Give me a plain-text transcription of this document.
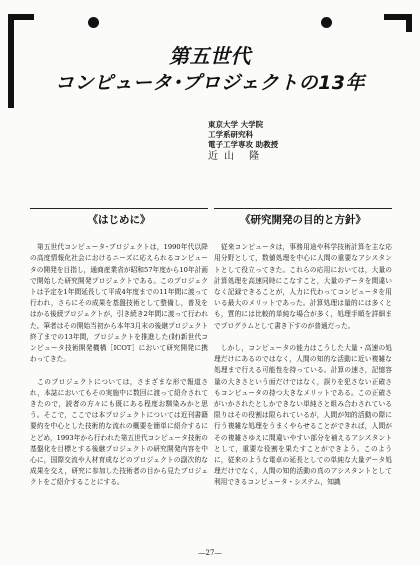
第五世代
コンピュータ･プロジェクトの13年
東京大学 大学院
工学系研究科
電子工学専攻 助教授
近山 隆
《はじめに》

　第五世代コンピュータ･プロジェクトは，1990年代以降の高度情報化社会におけるニーズに応えられるコンピュータの開発を目指し，通商産業省が昭和57年度から10年計画で開始した研究開発プロジェクトである。このプロジェクトは予定を1年間延長して平成4年度までの11年間に渡って行われ，さらにその成果を基盤技術として整備し，普及をはかる後続プロジェクトが，引き続き2年間に渡って行われた。筆者はその開始当初から本年3月末の後継プロジェクト終了までの13年間，プロジェクトを推進した(財)新世代コンピュータ技術開発機構［ICOT］において研究開発に携わってきた。

　このプロジェクトについては，さまざまな形で報道され，本誌においてもその実施中に数回に渡って紹介されてきたので，読者の方々にも既にある程度お馴染みかと思う。そこで，ここでは本プロジェクトについては近刊書籍要約を中心とした技術的な流れの概要を簡単に紹介するにとどめ，1993年から行われた第五世代コンピュータ技術の基盤化を目標とする後継プロジェクトの研究開発内容を中心に，国際交流や人材育成などのプロジェクトの副次的な成果を交え，研究に参加した技術者の目から見たプロジェクトをご紹介することにする。

《研究開発の目的と方針》

　従来コンピュータは，事務用途や科学技術計算を主な応用分野として，数値処理を中心に人間の重要なアシスタントとして役立ってきた。これらの応用においては，大量の計算処理を高速同時にこなすこと，大量のデータを間違いなく記録できることが，人力に代わってコンピュータを用いる最大のメリットであった。計算処理は量的には多くとも，質的には比較的単純な場合が多く，処理手順を詳細までプログラムとして書き下すのが普通だった。

　しかし，コンピュータの能力はこうした大量・高速の処理だけにあるのではなく，人間の知的な活動に近い複雑な処理まで行える可能性を持っている。計算の速さ，記憶容量の大きさという面だけではなく，誤りを犯さない正確さもコンピュータの持つ大きなメリットである。この正確さがいかされたとしかできない単純さと組み合わされている限りはその役割は限られているが，人間が知的活動の際に行う複雑な処理をうまくやらせることができれば，人間がその複雑さゆえに間違いやすい部分を補えるアシスタントとして，重要な役割を果たすことができよう。このように，従来のような電卓の延長としての単純な大量データ処理だけでなく，人間の知的活動の真のアシスタントとして利用できるコンピュータ・システム，知識

―27―
